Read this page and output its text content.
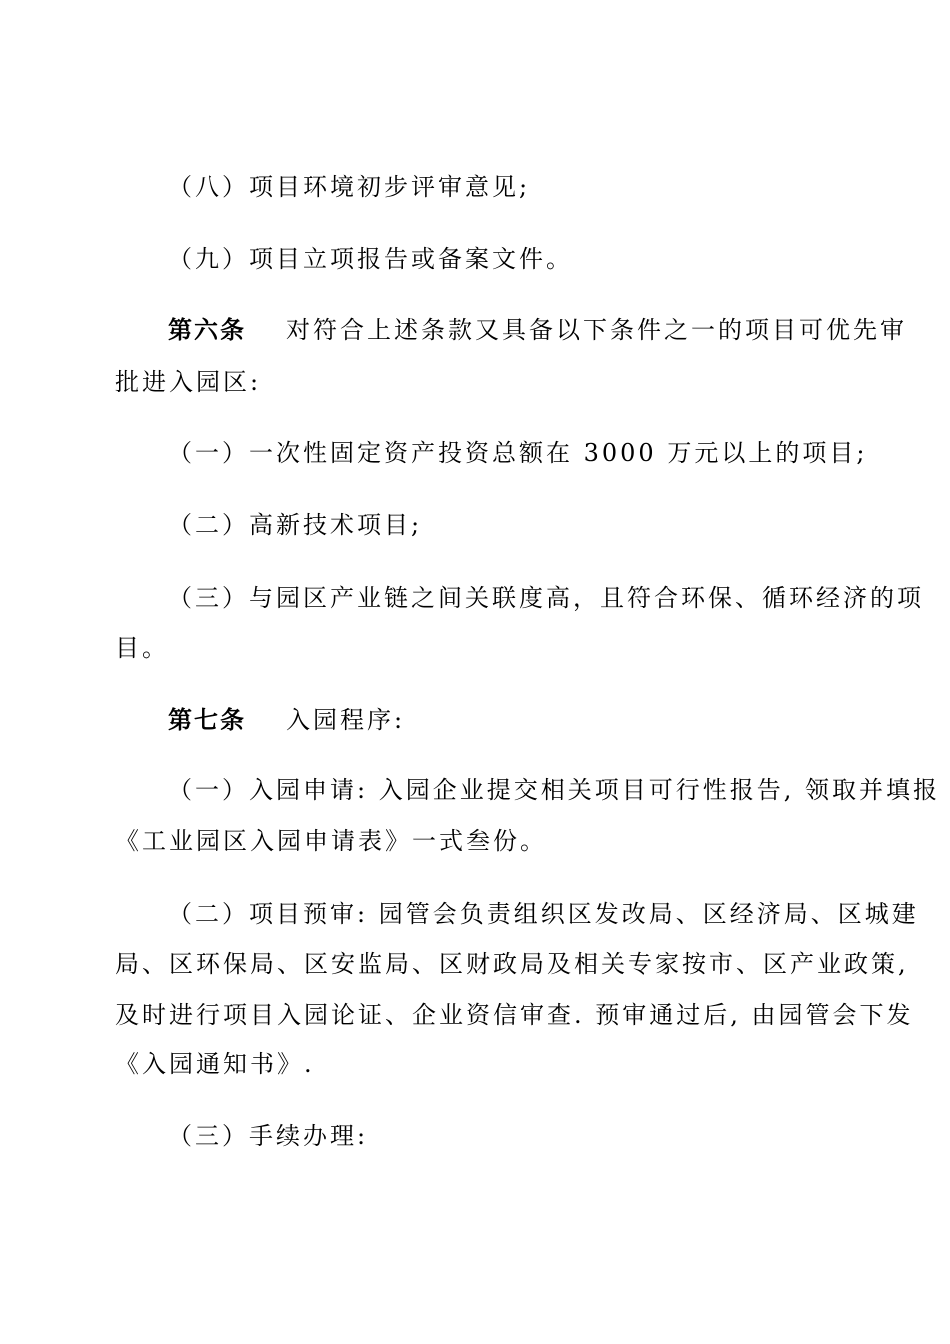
（八）项目环境初步评审意见;
（九）项目立项报告或备案文件。
第六条 对符合上述条款又具备以下条件之一的项目可优先审
批进入园区:
（一）一次性固定资产投资总额在 3000 万元以上的项目;
（二）高新技术项目;
（三）与园区产业链之间关联度高，且符合环保、循环经济的项
目。
第七条 入园程序:
（一）入园申请: 入园企业提交相关项目可行性报告, 领取并填报
《工业园区入园申请表》一式叁份。
（二）项目预审: 园管会负责组织区发改局、区经济局、区城建
局、区环保局、区安监局、区财政局及相关专家按市、区产业政策,
及时进行项目入园论证、企业资信审查. 预审通过后, 由园管会下发
《入园通知书》.
（三）手续办理:
